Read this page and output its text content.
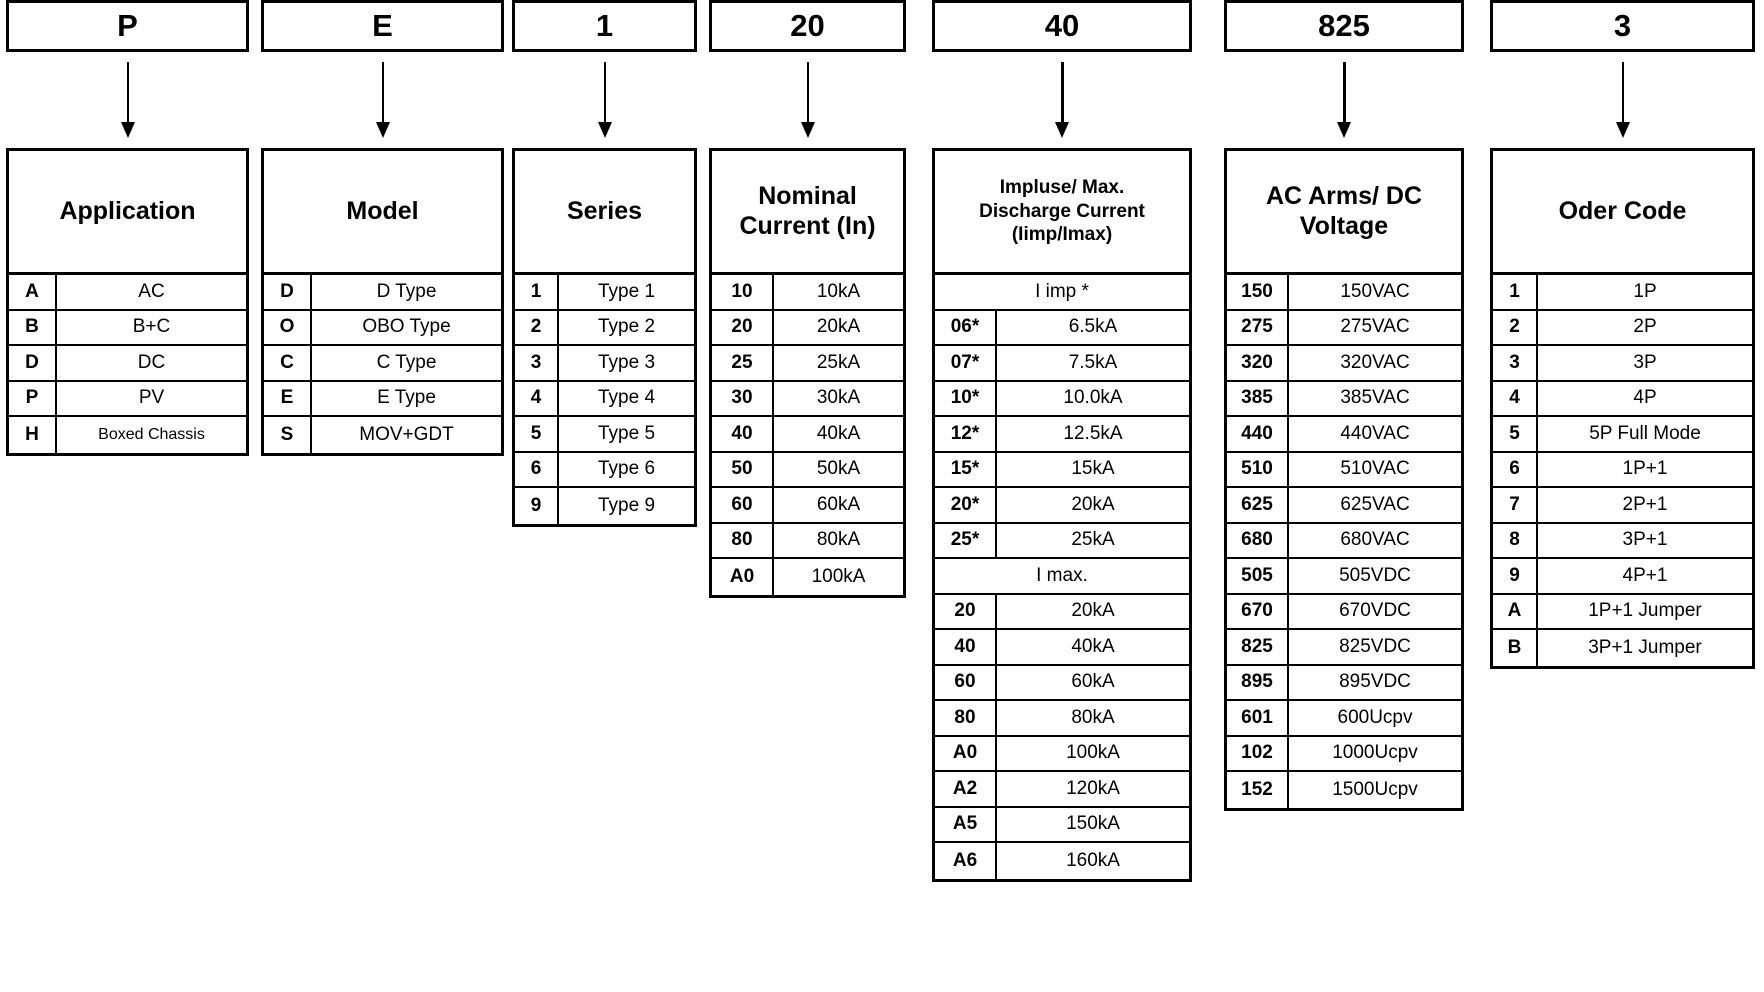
P
Application
A	AC
B	B+C
D	DC
P	PV
H	Boxed Chassis
E
Model
D	D Type
O	OBO Type
C	C Type
E	E Type
S	MOV+GDT
1
Series
1	Type 1
2	Type 2
3	Type 3
4	Type 4
5	Type 5
6	Type 6
9	Type 9
20
Nominal
Current (In)
10	10kA
20	20kA
25	25kA
30	30kA
40	40kA
50	50kA
60	60kA
80	80kA
A0	100kA
40
Impluse/ Max.
Discharge Current
(Iimp/Imax)
I imp *
06*	6.5kA
07*	7.5kA
10*	10.0kA
12*	12.5kA
15*	15kA
20*	20kA
25*	25kA
I max.
20	20kA
40	40kA
60	60kA
80	80kA
A0	100kA
A2	120kA
A5	150kA
A6	160kA
825
AC Arms/ DC
Voltage
150	150VAC
275	275VAC
320	320VAC
385	385VAC
440	440VAC
510	510VAC
625	625VAC
680	680VAC
505	505VDC
670	670VDC
825	825VDC
895	895VDC
601	600Ucpv
102	1000Ucpv
152	1500Ucpv
3
Oder Code
1	1P
2	2P
3	3P
4	4P
5	5P Full Mode
6	1P+1
7	2P+1
8	3P+1
9	4P+1
A	1P+1 Jumper
B	3P+1 Jumper
